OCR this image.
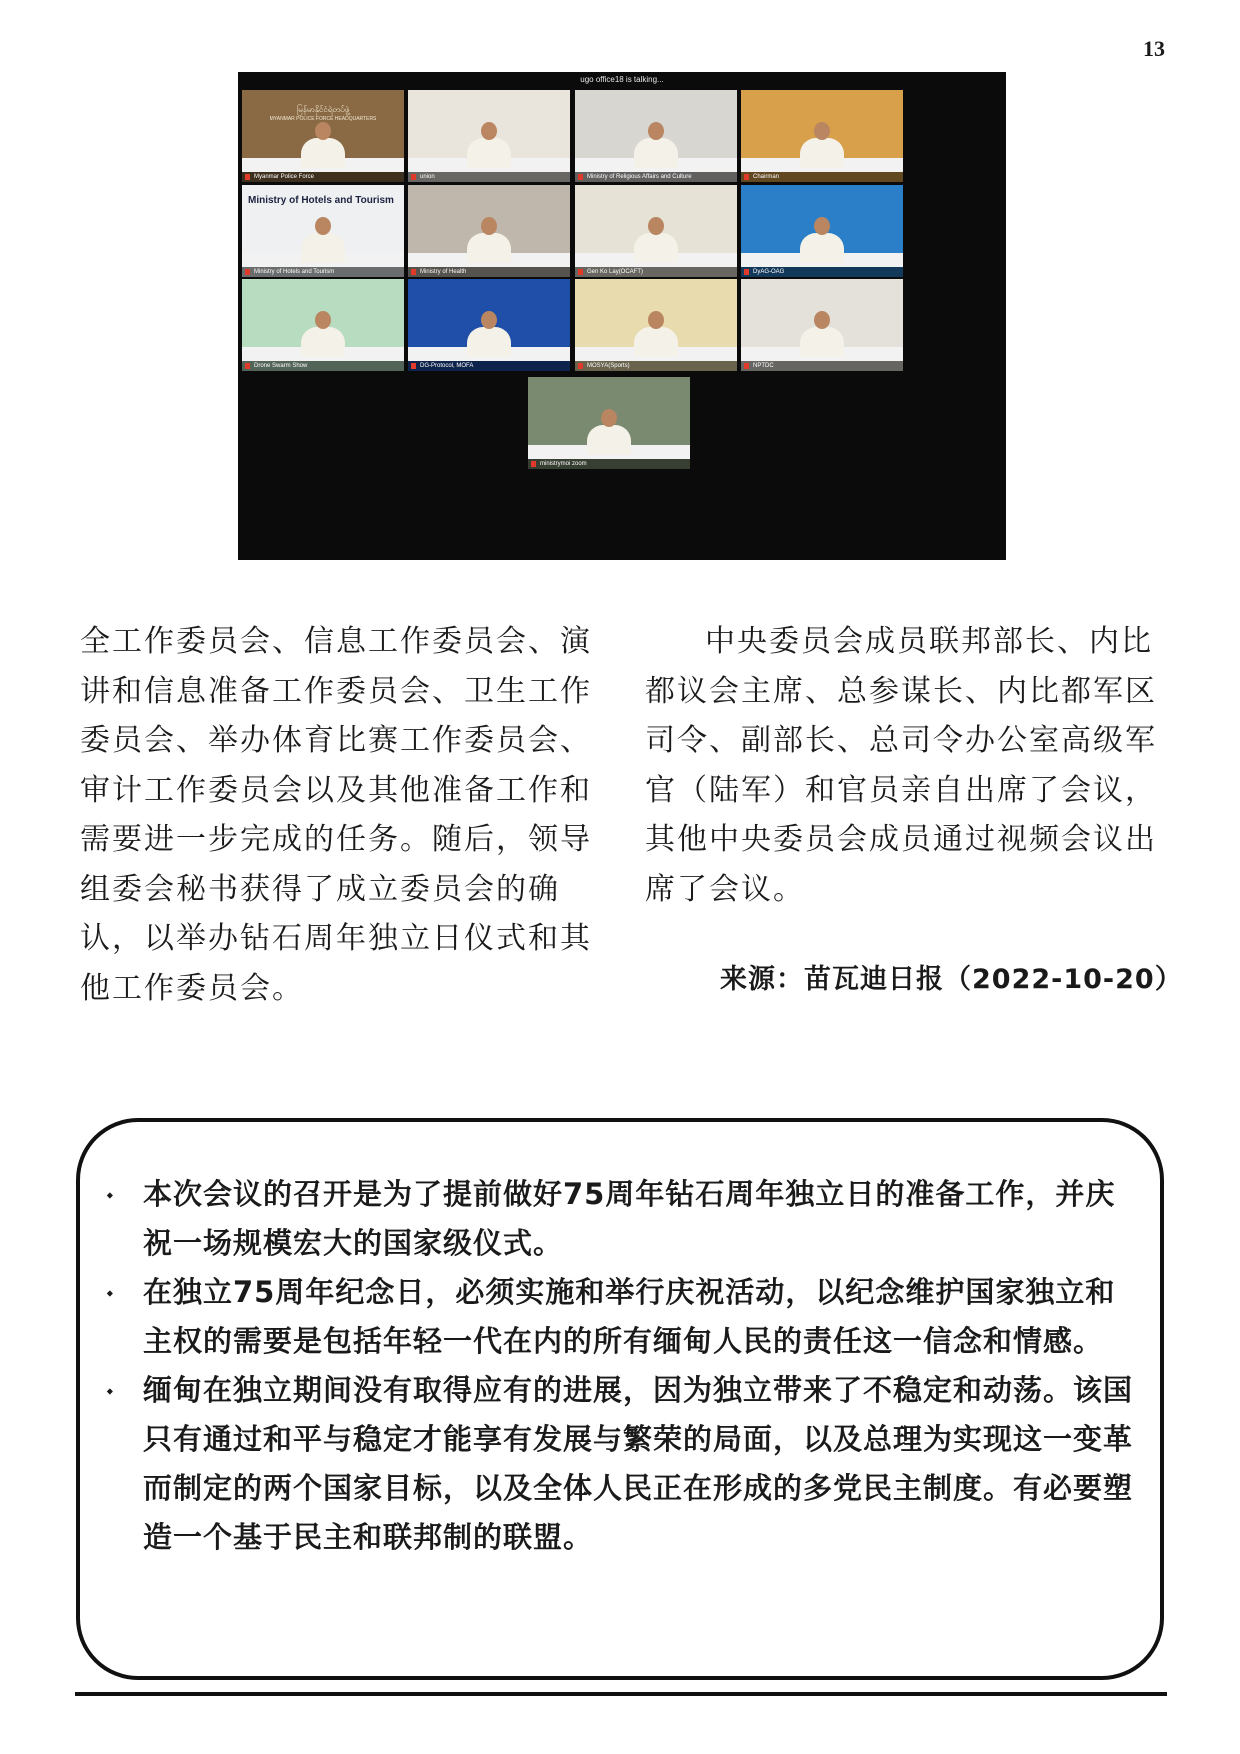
13
ugo office18 is talking...
မြန်မာနိုင်ငံရဲတပ်ဖွဲ့
MYANMAR POLICE FORCE HEADQUARTERS
Myanmar Police Force	union	Ministry of Religious Affairs and Culture	Chairman
Ministry of Hotels and Tourism
Ministry of Hotels and Tourism	Ministry of Health	Gen Ko Lay(OCAFT)	DyAG-OAG
Drone Swarm Show	DG-Protocol, MOFA	MOSYA(Sports)	NPTDC
ministrymoi zoom

全工作委员会、信息工作委员会、演讲和信息准备工作委员会、卫生工作委员会、举办体育比赛工作委员会、审计工作委员会以及其他准备工作和需要进一步完成的任务。随后，领导组委会秘书获得了成立委员会的确认，以举办钻石周年独立日仪式和其他工作委员会。

中央委员会成员联邦部长、内比都议会主席、总参谋长、内比都军区司令、副部长、总司令办公室高级军官（陆军）和官员亲自出席了会议，其他中央委员会成员通过视频会议出席了会议。

来源：苗瓦迪日报（2022-10-20）
⬩ 本次会议的召开是为了提前做好75周年钻石周年独立日的准备工作，并庆祝一场规模宏大的国家级仪式。
⬩ 在独立75周年纪念日，必须实施和举行庆祝活动，以纪念维护国家独立和主权的需要是包括年轻一代在内的所有缅甸人民的责任这一信念和情感。
⬩ 缅甸在独立期间没有取得应有的进展，因为独立带来了不稳定和动荡。该国只有通过和平与稳定才能享有发展与繁荣的局面，以及总理为实现这一变革而制定的两个国家目标，以及全体人民正在形成的多党民主制度。有必要塑造一个基于民主和联邦制的联盟。
